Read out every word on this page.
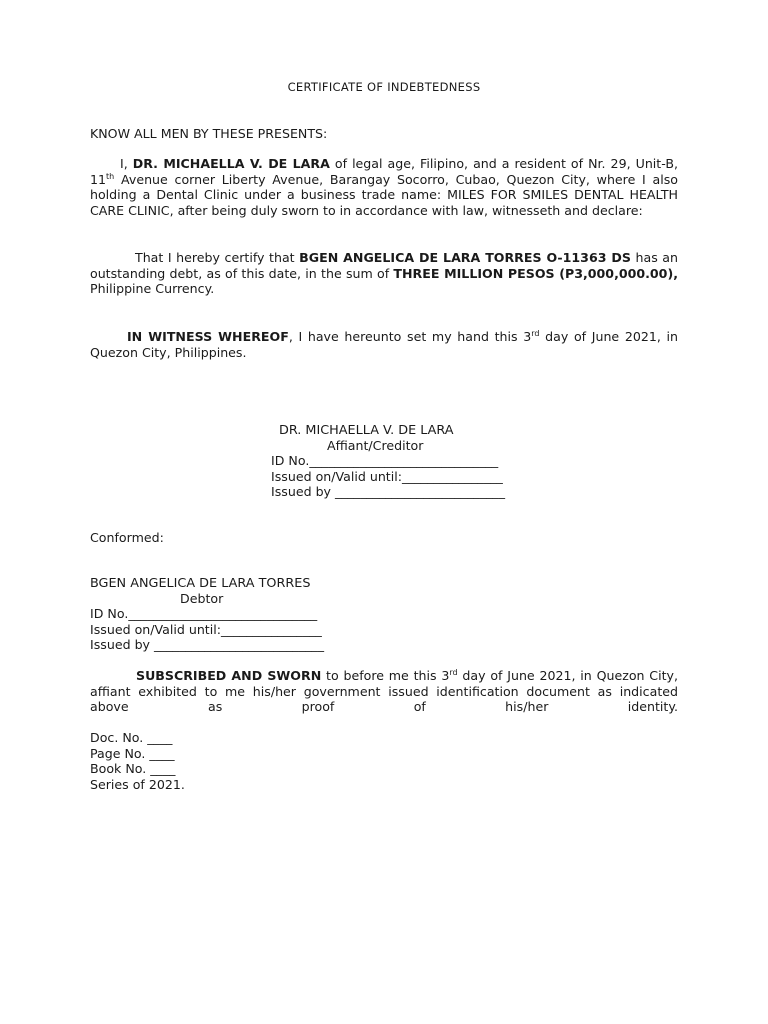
CERTIFICATE OF INDEBTEDNESS

KNOW ALL MEN BY THESE PRESENTS:

I, DR. MICHAELLA V. DE LARA of legal age, Filipino, and a resident of Nr. 29, Unit-B, 11th Avenue corner Liberty Avenue, Barangay Socorro, Cubao, Quezon City, where I also holding a Dental Clinic under a business trade name: MILES FOR SMILES DENTAL HEALTH CARE CLINIC, after being duly sworn to in accordance with law, witnesseth and declare:

That I hereby certify that BGEN ANGELICA DE LARA TORRES O-11363 DS has an outstanding debt, as of this date, in the sum of THREE MILLION PESOS (P3,000,000.00), Philippine Currency.

IN WITNESS WHEREOF, I have hereunto set my hand this 3rd day of June 2021, in Quezon City, Philippines.

DR. MICHAELLA V. DE LARA

Affiant/Creditor

ID No.______________________________

Issued on/Valid until:________________

Issued by ___________________________

Conformed:

BGEN ANGELICA DE LARA TORRES

Debtor

ID No.______________________________

Issued on/Valid until:________________

Issued by ___________________________

SUBSCRIBED AND SWORN to before me this 3rd day of June 2021, in Quezon City, affiant exhibited to me his/her government issued identification document as indicated above as proof of his/her identity.

Doc. No. ____

Page No. ____

Book No. ____

Series of 2021.
